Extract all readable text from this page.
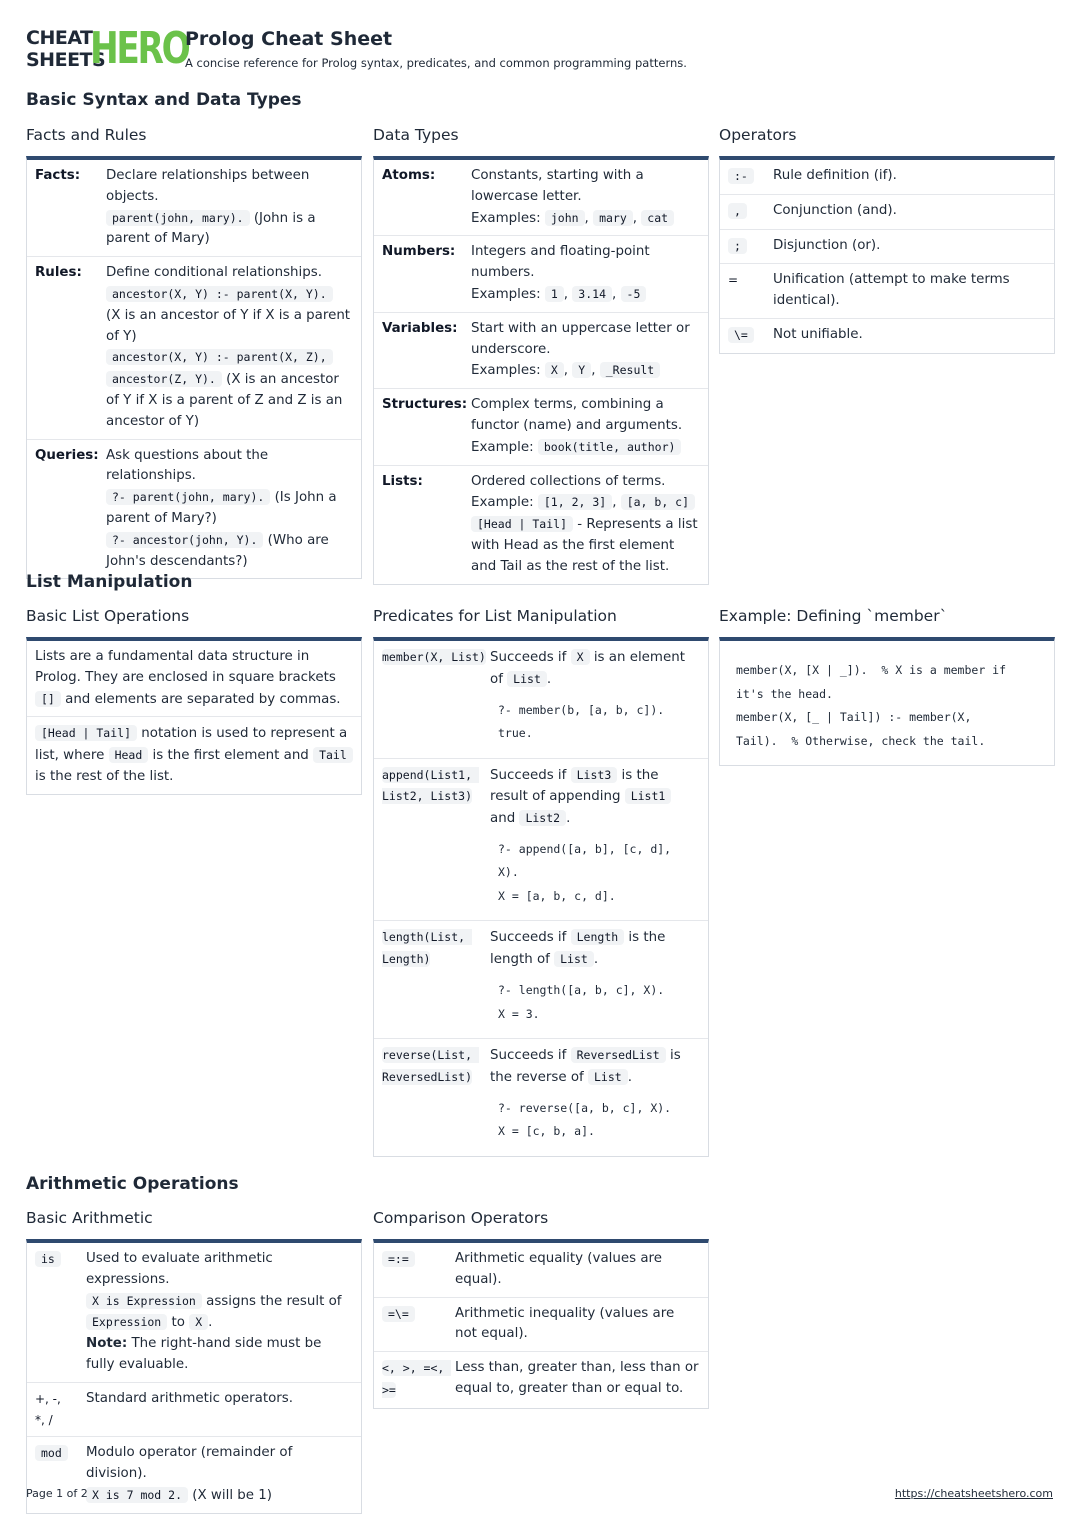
CHEAT
SHEETS
HERO
Prolog Cheat Sheet
A concise reference for Prolog syntax, predicates, and common programming patterns.
Basic Syntax and Data Types
Facts and Rules
Facts:	Declare relationships between objects.
parent(john, mary). (John is a parent of Mary)
Rules:	Define conditional relationships.
ancestor(X, Y) :- parent(X, Y).
(X is an ancestor of Y if X is a parent of Y)
ancestor(X, Y) :- parent(X, Z),
ancestor(Z, Y). (X is an ancestor of Y if X is a parent of Z and Z is an ancestor of Y)
Queries: Ask questions about the relationships.
?- parent(john, mary). (Is John a parent of Mary?)
?- ancestor(john, Y). (Who are John's descendants?)
Data Types
Atoms:	Constants, starting with a lowercase letter.
Examples: john , mary , cat
Numbers:	Integers and floating-point numbers.
Examples: 1 , 3.14 , -5
Variables:	Start with an uppercase letter or underscore.
Examples: X , Y , _Result
Structures: Complex terms, combining a functor (name) and arguments.
Example: book(title, author)
Lists:	Ordered collections of terms.
Example: [1, 2, 3] , [a, b, c]
[Head | Tail] - Represents a list with Head as the first element and Tail as the rest of the list.
Operators
:-	Rule definition (if).
,	Conjunction (and).
;	Disjunction (or).
=	Unification (attempt to make terms identical).
\=	Not unifiable.
List Manipulation
Basic List Operations
Lists are a fundamental data structure in Prolog. They are enclosed in square brackets [] and elements are separated by commas.
[Head | Tail] notation is used to represent a list, where Head is the first element and Tail is the rest of the list.
Predicates for List Manipulation
member(X, List) Succeeds if X is an element of List .
?- member(b, [a, b, c]).
true.
append(List1, List2, List3)
Succeeds if List3 is the result of appending List1 and List2 .
?- append([a, b], [c, d],
X).
X = [a, b, c, d].
length(List, Length)
Succeeds if Length is the length of List .
?- length([a, b, c], X).
X = 3.
reverse(List, ReversedList)
Succeeds if ReversedList is the reverse of List .
?- reverse([a, b, c], X).
X = [c, b, a].
Example: Defining `member`
member(X, [X | _]).  % X is a member if
it's the head.
member(X, [_ | Tail]) :- member(X,
Tail).  % Otherwise, check the tail.
Arithmetic Operations
Basic Arithmetic
is	Used to evaluate arithmetic expressions.
X is Expression assigns the result of Expression to X .
Note: The right-hand side must be fully evaluable.
+, -, *, /
Standard arithmetic operators.
mod	Modulo operator (remainder of division).
X is 7 mod 2. (X will be 1)
Comparison Operators
=:=	Arithmetic equality (values are equal).
=\=	Arithmetic inequality (values are not equal).
<, >, =<, >=
Less than, greater than, less than or equal to, greater than or equal to.
Page 1 of 2	https://cheatsheetshero.com
